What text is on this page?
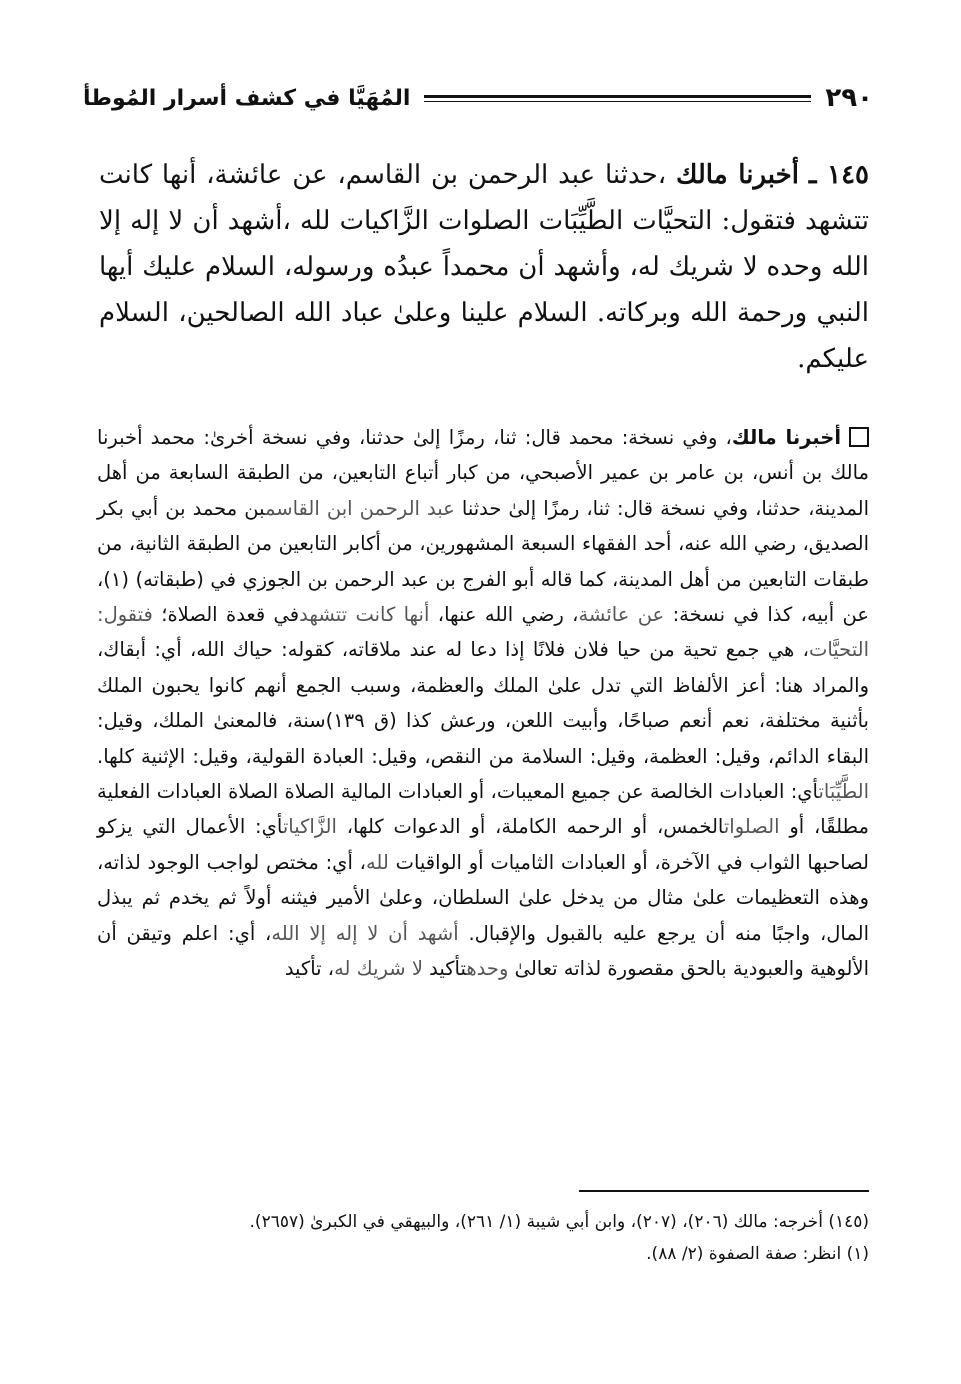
٢٩٠
المُهَيَّا في كشف أسرار المُوطأ
١٤٥ ـ أخبرنا مالك ،حدثنا عبد الرحمن بن القاسم، عن عائشة، أنها كانت تتشهد فتقول: التحيَّات الطَّيِّبَات الصلوات الزَّاكيات لله ،أشهد أن لا إله إلا الله وحده لا شريك له، وأشهد أن محمداً عبدُه ورسوله، السلام عليك أيها النبي ورحمة الله وبركاته. السلام علينا وعلىٰ عباد الله الصالحين، السلام عليكم.
أخبرنا مالك، وفي نسخة: محمد قال: ثنا، رمزًا إلىٰ حدثنا، وفي نسخة أخرىٰ: محمد أخبرنا مالك بن أنس، بن عامر بن عمير الأصبحي، من كبار أتباع التابعين، من الطبقة السابعة من أهل المدينة، حدثنا، وفي نسخة قال: ثنا، رمزًا إلىٰ حدثنا عبد الرحمن ابن القاسمبن محمد بن أبي بكر الصديق، رضي الله عنه، أحد الفقهاء السبعة المشهورين، من أكابر التابعين من الطبقة الثانية، من طبقات التابعين من أهل المدينة، كما قاله أبو الفرج بن عبد الرحمن بن الجوزي في (طبقاته) (١)، عن أبيه، كذا في نسخة: عن عائشة، رضي الله عنها، أنها كانت تتشهدفي قعدة الصلاة؛ فتقول: التحيَّات، هي جمع تحية من حيا فلان فلانًا إذا دعا له عند ملاقاته، كقوله: حياك الله، أي: أبقاك، والمراد هنا: أعز الألفاظ التي تدل علىٰ الملك والعظمة، وسبب الجمع أنهم كانوا يحبون الملك بأثنية مختلفة، نعم أنعم صباحًا، وأبيت اللعن، ورعش كذا (ق ١٣٩)سنة، فالمعنىٰ الملك، وقيل: البقاء الدائم، وقيل: العظمة، وقيل: السلامة من النقص، وقيل: العبادة القولية، وقيل: الإثنية كلها. الطَّيِّبَاتأي: العبادات الخالصة عن جميع المعيبات، أو العبادات المالية الصلاة الصلاة العبادات الفعلية مطلقًا، أو الصلواتالخمس، أو الرحمه الكاملة، أو الدعوات كلها، الزَّاكياتأي: الأعمال التي يزكو لصاحبها الثواب في الآخرة، أو العبادات الثاميات أو الواقيات لله، أي: مختص لواجب الوجود لذاته، وهذه التعظيمات علىٰ مثال من يدخل علىٰ السلطان، وعلىٰ الأمير فيثنه أولاً ثم يخدم ثم يبذل المال، واجبًا منه أن يرجع عليه بالقبول والإقبال. أشهد أن لا إله إلا الله، أي: اعلم وتيقن أن الألوهية والعبودية بالحق مقصورة لذاته تعالىٰ وحدهتأكيد لا شريك له، تأكيد

(١٤٥) أخرجه: مالك (٢٠٦)، (٢٠٧)، وابن أبي شيبة (١/ ٢٦١)، والبيهقي في الكبرىٰ (٢٦٥٧).

(١) انظر: صفة الصفوة (٢/ ٨٨).
